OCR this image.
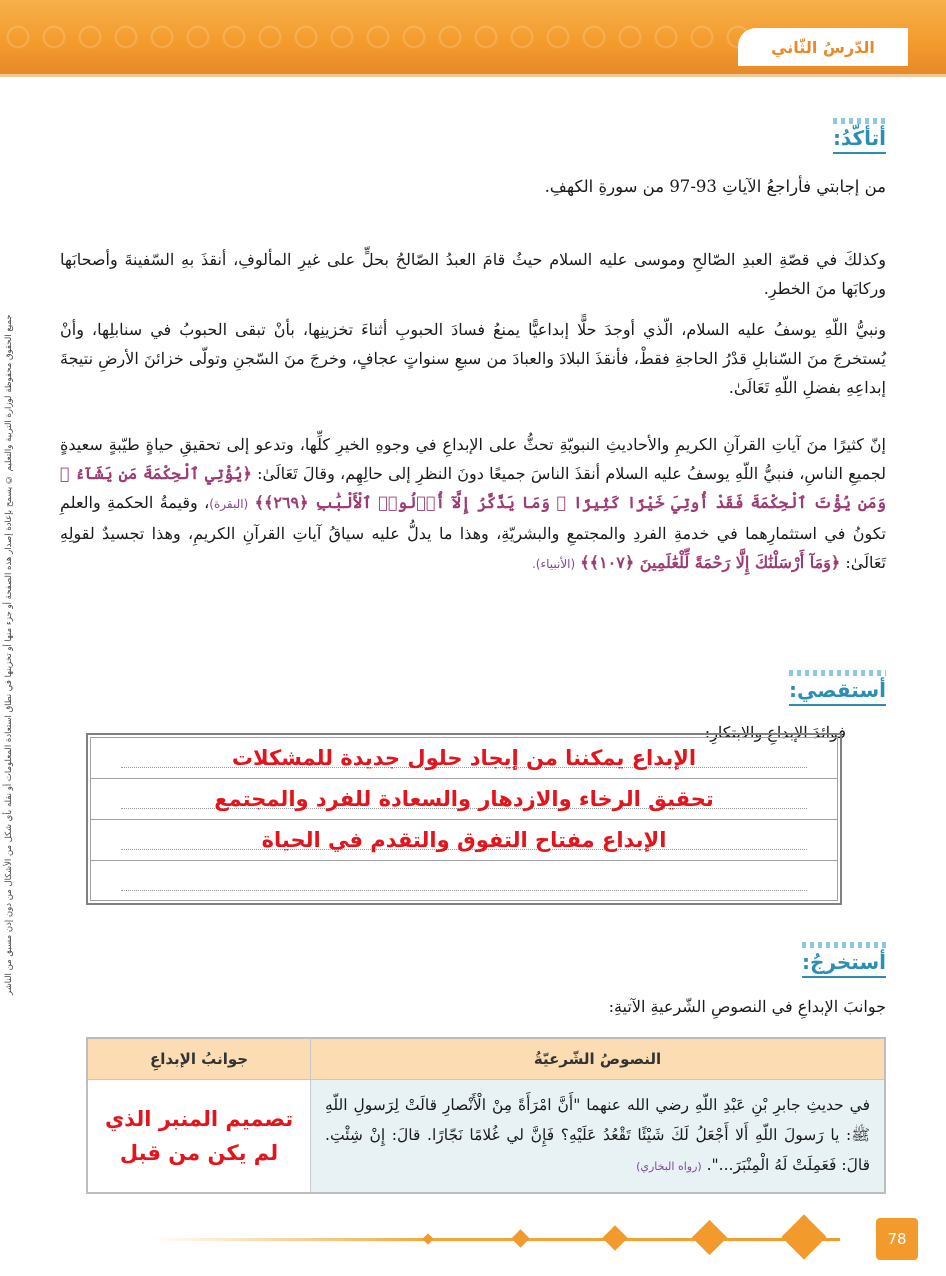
الدّرسُ الثّاني
جميع الحقوق محفوظة لوزارة التربية والتعليم © يسمح بإعادة إصدار هذه الصفحة أو جزء منها أو تخزينها في نطاق استعادة المعلومات أو نقله بأي شكل من الأشكال من دون إذن مسبق من الناشر
أتأكّدُ:
من إجابتي فأراجعُ الآياتِ 93-97 من سورةِ الكهفِ.
وكذلكَ في قصّةِ العبدِ الصّالحِ وموسى عليه السلام حيثُ قامَ العبدُ الصّالحُ بحلٍّ على غيرِ المألوفِ، أنقذَ بهِ السّفينةَ وأصحابَها وركابَها منَ الخطرِ.
ونبيُّ اللّهِ يوسفُ عليه السلام، الّذي أوجدَ حلًّا إبداعيًّا يمنعُ فسادَ الحبوبِ أثناءَ تخزينِها، بأنْ تبقى الحبوبُ في سنابلِها، وأنْ يُستخرجَ منَ السّنابلِ قدْرُ الحاجةِ فقطْ، فأنقذَ البلادَ والعبادَ من سبعِ سنواتٍ عجافٍ، وخرجَ منَ السّجنِ وتولّى خزائنَ الأرضِ نتيجةَ إبداعِهِ بفضلِ اللّهِ تَعَالَىٰ.
إنّ كثيرًا منَ آياتِ القرآنِ الكريمِ والأحاديثِ النبويّةِ تحثُّ على الإبداعِ في وجوهِ الخيرِ كلِّها، وتدعو إلى تحقيقِ حياةٍ طيّبةٍ سعيدةٍ لجميعِ الناسِ، فنبيُّ اللّهِ يوسفُ عليه السلام أنقذَ الناسَ جميعًا دونَ النظرِ إلى حالِهِم، وقالَ تَعَالَىٰ: ﴿يُؤْتِي ٱلْحِكْمَةَ مَن يَشَآءُ ۚ وَمَن يُؤْتَ ٱلْحِكْمَةَ فَقَدْ أُوتِيَ خَيْرًا كَثِيرًا ۗ وَمَا يَذَّكَّرُ إِلَّآ أُو۟لُوا۟ ٱلْأَلْبَٰبِ ﴿٢٦٩﴾﴾ (البقرة)، وقيمةُ الحكمةِ والعلمِ تكونُ في استثمارِهما في خدمةِ الفردِ والمجتمعِ والبشريّةِ، وهذا ما يدلُّ عليه سياقُ آياتِ القرآنِ الكريمِ، وهذا تجسيدٌ لقولِهِ تَعَالَىٰ: ﴿وَمَآ أَرْسَلْنَٰكَ إِلَّا رَحْمَةً لِّلْعَٰلَمِينَ ﴿١٠٧﴾﴾ (الأنبياء).
أستقصي:
فوائدَ الإبداعِ والابتكارِ:
الإبداع يمكننا من إيجاد حلول جديدة للمشكلات
تحقيق الرخاء والازدهار والسعادة للفرد والمجتمع
الإبداع مفتاح التفوق والتقدم في الحياة
أستخرجُ:
جوانبَ الإبداعِ في النصوصِ الشّرعيةِ الآتيةِ:
النصوصُ الشّرعيّةُ	جوانبُ الإبداعِ
في حديثِ جابرِ بْنِ عَبْدِ اللّهِ رضي الله عنهما "أَنَّ امْرَأَةً مِنْ الْأَنْصارِ قالَتْ لِرَسولِ اللّهِ ﷺ: يا رَسولَ اللّهِ أَلا أَجْعَلُ لَكَ شَيْئًا تَقْعُدُ عَلَيْهِ؟ فَإِنَّ لي غُلامًا نَجّارًا. قالَ: إِنْ شِئْتِ. قالَ: فَعَمِلَتْ لَهُ الْمِنْبَرَ...". (رواه البخاري)	تصميم المنبر الذي
لم يكن من قبل
78
